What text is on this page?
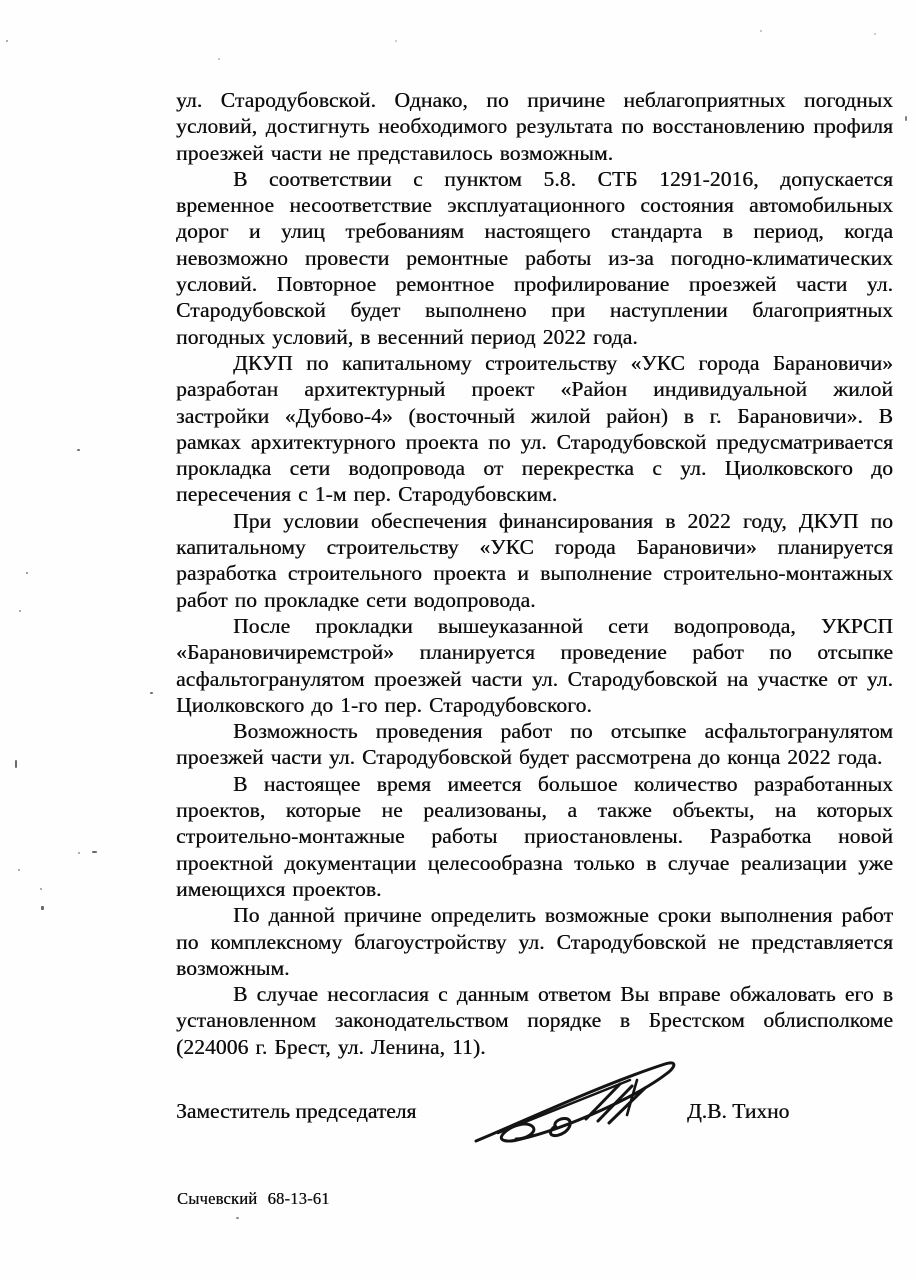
ул. Стародубовской. Однако, по причине неблагоприятных погодных условий, достигнуть необходимого результата по восстановлению профиля проезжей части не представилось возможным.

В соответствии с пунктом 5.8. СТБ 1291-2016, допускается временное несоответствие эксплуатационного состояния автомобильных дорог и улиц требованиям настоящего стандарта в период, когда невозможно провести ремонтные работы из-за погодно-климатических условий. Повторное ремонтное профилирование проезжей части ул. Стародубовской будет выполнено при наступлении благоприятных погодных условий, в весенний период 2022 года.

ДКУП по капитальному строительству «УКС города Барановичи» разработан архитектурный проект «Район индивидуальной жилой застройки «Дубово-4» (восточный жилой район) в г. Барановичи». В рамках архитектурного проекта по ул. Стародубовской предусматривается прокладка сети водопровода от перекрестка с ул. Циолковского до пересечения с 1-м пер. Стародубовским.

При условии обеспечения финансирования в 2022 году, ДКУП по капитальному строительству «УКС города Барановичи» планируется разработка строительного проекта и выполнение строительно-монтажных работ по прокладке сети водопровода.

После прокладки вышеуказанной сети водопровода, УКРСП «Барановичиремстрой» планируется проведение работ по отсыпке асфальтогранулятом проезжей части ул. Стародубовской на участке от ул. Циолковского до 1-го пер. Стародубовского.

Возможность проведения работ по отсыпке асфальтогранулятом проезжей части ул. Стародубовской будет рассмотрена до конца 2022 года.

В настоящее время имеется большое количество разработанных проектов, которые не реализованы, а также объекты, на которых строительно-монтажные работы приостановлены. Разработка новой проектной документации целесообразна только в случае реализации уже имеющихся проектов.

По данной причине определить возможные сроки выполнения работ по комплексному благоустройству ул. Стародубовской не представляется возможным.

В случае несогласия с данным ответом Вы вправе обжаловать его в установленном законодательством порядке в Брестском облисполкоме (224006 г. Брест, ул. Ленина, 11).

Заместитель председателя	Д.В. Тихно
Сычевский 68-13-61
